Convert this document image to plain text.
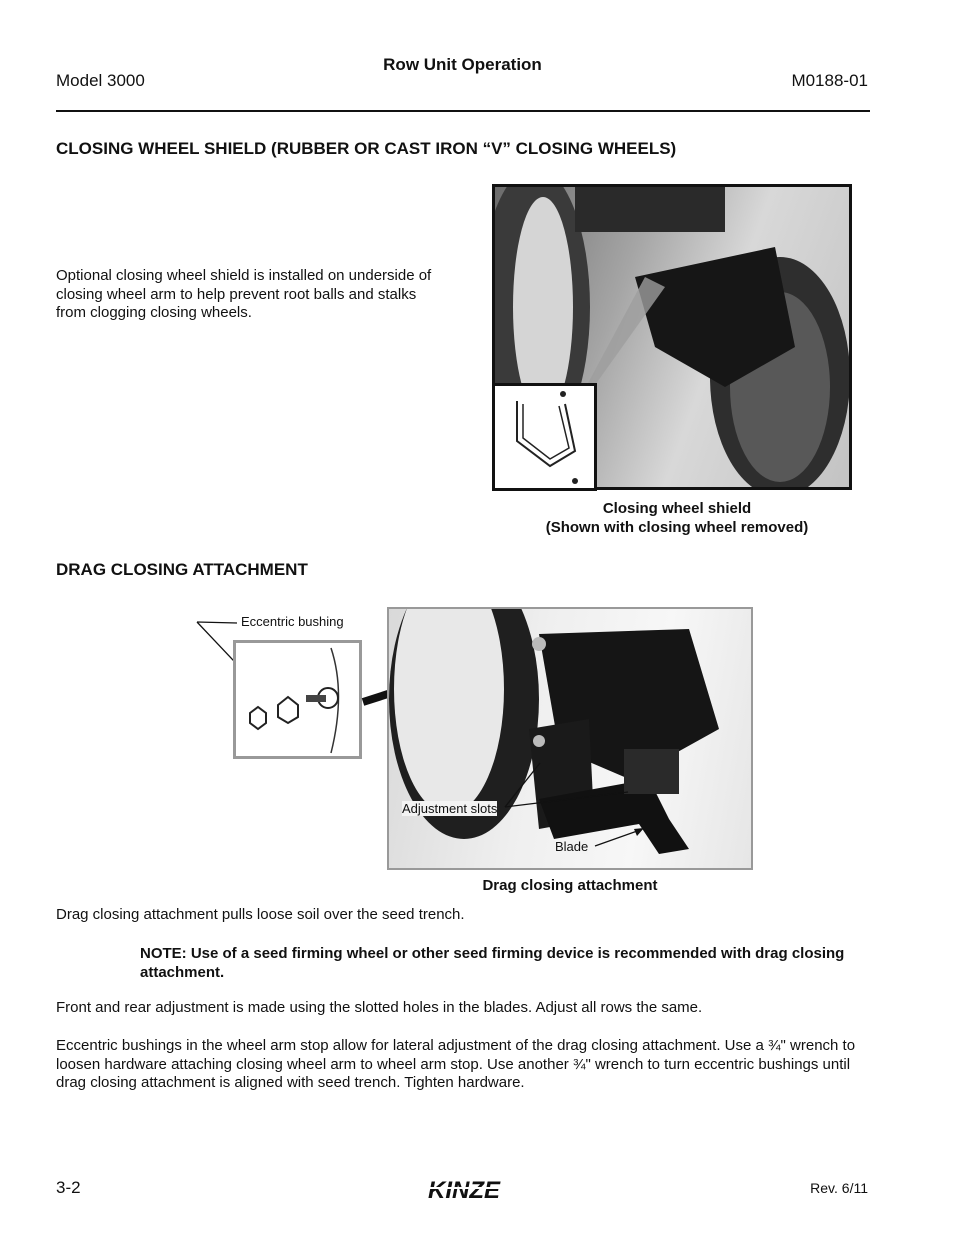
Model 3000
Row Unit Operation
M0188-01
CLOSING WHEEL SHIELD (RUBBER OR CAST IRON “V” CLOSING WHEELS)
Optional closing wheel shield is installed on underside of closing wheel arm to help prevent root balls and stalks from clogging closing wheels.
Closing wheel shield
(Shown with closing wheel removed)
DRAG CLOSING ATTACHMENT
Eccentric bushing
Adjustment slots
Blade
Drag closing attachment
Drag closing attachment pulls loose soil over the seed trench.
NOTE: Use of a seed firming wheel or other seed firming device is recommended with drag closing attachment.
Front and rear adjustment is made using the slotted holes in the blades. Adjust all rows the same.
Eccentric bushings in the wheel arm stop allow for lateral adjustment of the drag closing attachment. Use a ¾" wrench to loosen hardware attaching closing wheel arm to wheel arm stop. Use another ¾" wrench to turn eccentric bushings until drag closing attachment is aligned with seed trench. Tighten hardware.
3-2	KINZE	Rev. 6/11
